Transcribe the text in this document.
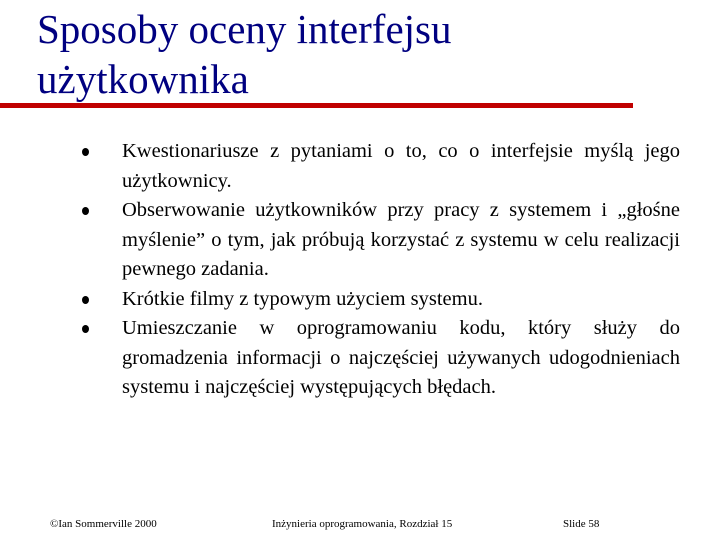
Sposoby oceny interfejsu
użytkownika
Kwestionariusze z pytaniami o to, co o interfejsie myślą jego użytkownicy.
Obserwowanie użytkowników przy pracy z systemem i „głośne myślenie” o tym, jak próbują korzystać z systemu w celu realizacji pewnego zadania.
Krótkie filmy z typowym użyciem systemu.
Umieszczanie w oprogramowaniu kodu, który służy do gromadzenia informacji o najczęściej używanych udogodnieniach systemu i najczęściej występujących błędach.
©Ian Sommerville 2000	Inżynieria oprogramowania, Rozdział 15	Slide 58
